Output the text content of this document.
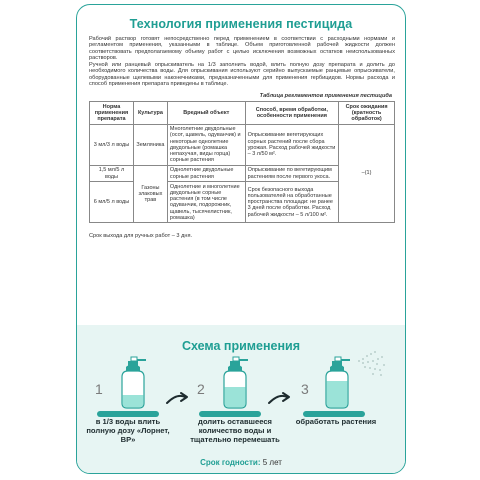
Технология применения пестицида
Рабочий раствор готовят непосредственно перед применением в соответствии с расходными нормами и регламентом применения, указанными в таблице. Объем приготовленной рабочей жидкости должен соответствовать предполагаемому объему работ с целью исключения возможных остатков неиспользованных растворов.
Ручной или ранцевый опрыскиватель на 1/3 заполнить водой, влить полную дозу препарата и долить до необходимого количества воды. Для опрыскивания используют серийно выпускаемые ранцевые опрыскиватели, оборудованные щелевыми наконечниками, предназначенными для применения гербицидов. Нормы расхода и способ применения препарата приведены в таблице.
Таблица регламентов применения пестицида
Норма применения препарата	Культура	Вредный объект	Способ, время обработки, особенности применения	Срок ожидания (кратность обработок)
3 мл/3 л воды	Земляника	Многолетние двудольные (осот, щавель, одуванчик) и некоторые однолетние двудольные (ромашка непахучая, виды горца) сорные растения	Опрыскивание вегетирующих сорных растений после сбора урожая. Расход рабочей жидкости – 3 л/50 м².	–(1)
1,5 мл/5 л воды	Газоны злаковых трав	Однолетние двудольные сорные растения	Опрыскивание по вегетирующим растениям после первого укоса.	
6 мл/5 л воды		Однолетние и многолетние двудольные сорные растения (в том числе одуванчик, подорожник, щавель, тысячелистник, ромашка)	Срок безопасного выхода пользователей на обработанные пространства площади: не ранее 3 дней после обработки. Расход рабочей жидкости – 5 л/100 м².	
Срок выхода для ручных работ – 3 дня.
Схема применения
1
в 1/3 воды влить полную дозу «Лорнет, ВР»
2
долить оставшееся количество воды и тщательно перемешать
3
обработать растения
Срок годности: 5 лет
